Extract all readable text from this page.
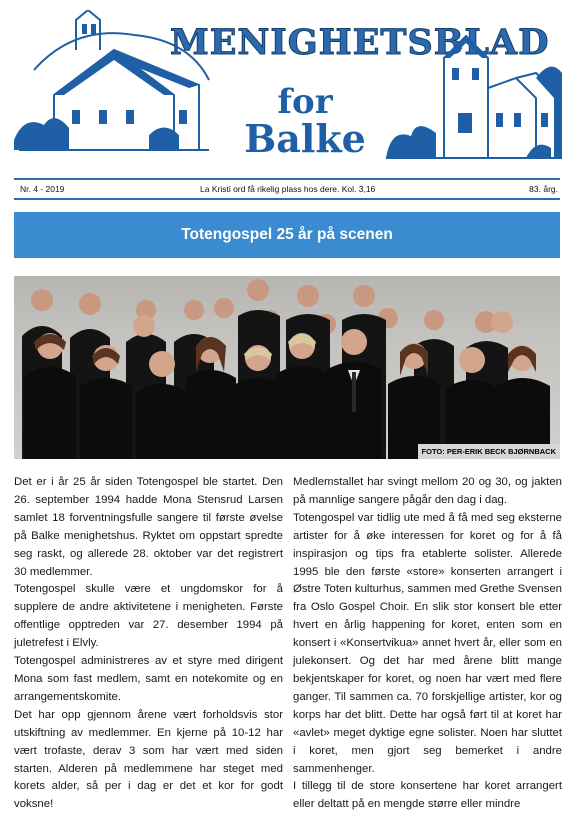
MENIGHETSBLAD
for
Balke
Nr. 4 - 2019	La Kristi ord få rikelig plass hos dere. Kol. 3,16	83. årg.
Totengospel 25 år på scenen
FOTO: PER-ERIK BECK BJØRNBACK

Det er i år 25 år siden Totengospel ble startet. Den 26. september 1994 hadde Mona Stensrud Larsen samlet 18 forventningsfulle sangere til første øvelse på Balke menighetshus. Ryktet om oppstart spredte seg raskt, og allerede 28. oktober var det registrert 30 medlemmer.

Totengospel skulle være et ungdomskor for å supplere de andre aktivitetene i menigheten. Første offentlige opptreden var 27. desember 1994 på juletrefest i Elvly.

Totengospel administreres av et styre med dirigent Mona som fast medlem, samt en notekomite og en arrangementskomite.

Det har opp gjennom årene vært forholdsvis stor utskiftning av medlemmer. En kjerne på 10-12 har vært trofaste, derav 3 som har vært med siden starten. Alderen på medlemmene har steget med korets alder, så per i dag er det et kor for godt voksne!

Medlemstallet har svingt mellom 20 og 30, og jakten på mannlige sangere pågår den dag i dag.

Totengospel var tidlig ute med å få med seg eksterne artister for å øke interessen for koret og for å få inspirasjon og tips fra etablerte solister. Allerede 1995 ble den første «store» konserten arrangert i Østre Toten kulturhus, sammen med Grethe Svensen fra Oslo Gospel Choir. En slik stor konsert ble etter hvert en årlig happening for koret, enten som en konsert i «Konsertvikua» annet hvert år, eller som en julekonsert. Og det har med årene blitt mange bekjentskaper for koret, og noen har vært med flere ganger. Til sammen ca. 70 forskjellige artister, kor og korps har det blitt. Dette har også ført til at koret har «avlet» meget dyktige egne solister. Noen har sluttet i koret, men gjort seg bemerket i andre sammenhenger.

I tillegg til de store konsertene har koret arrangert eller deltatt på en mengde større eller mindre
